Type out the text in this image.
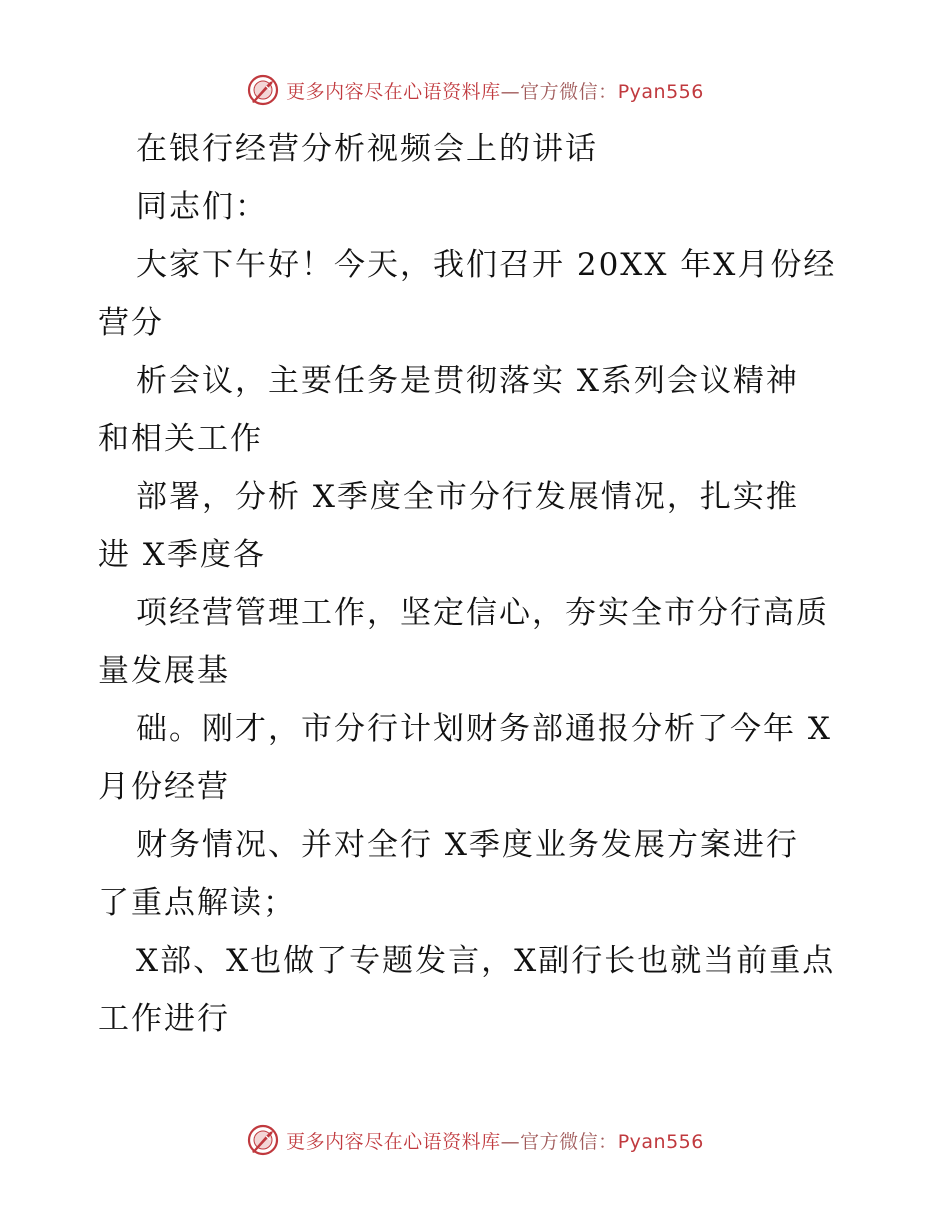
更多内容尽在心语资料库—官方微信：Pyan556
在银行经营分析视频会上的讲话
同志们：
大家下午好！今天，我们召开 20XX 年X月份经
营分
析会议，主要任务是贯彻落实 X系列会议精神
和相关工作
部署，分析 X季度全市分行发展情况，扎实推
进 X季度各
项经营管理工作，坚定信心，夯实全市分行高质
量发展基
础。刚才，市分行计划财务部通报分析了今年 X
月份经营
财务情况、并对全行 X季度业务发展方案进行
了重点解读；
X部、X也做了专题发言，X副行长也就当前重点
工作进行
更多内容尽在心语资料库—官方微信：Pyan556
